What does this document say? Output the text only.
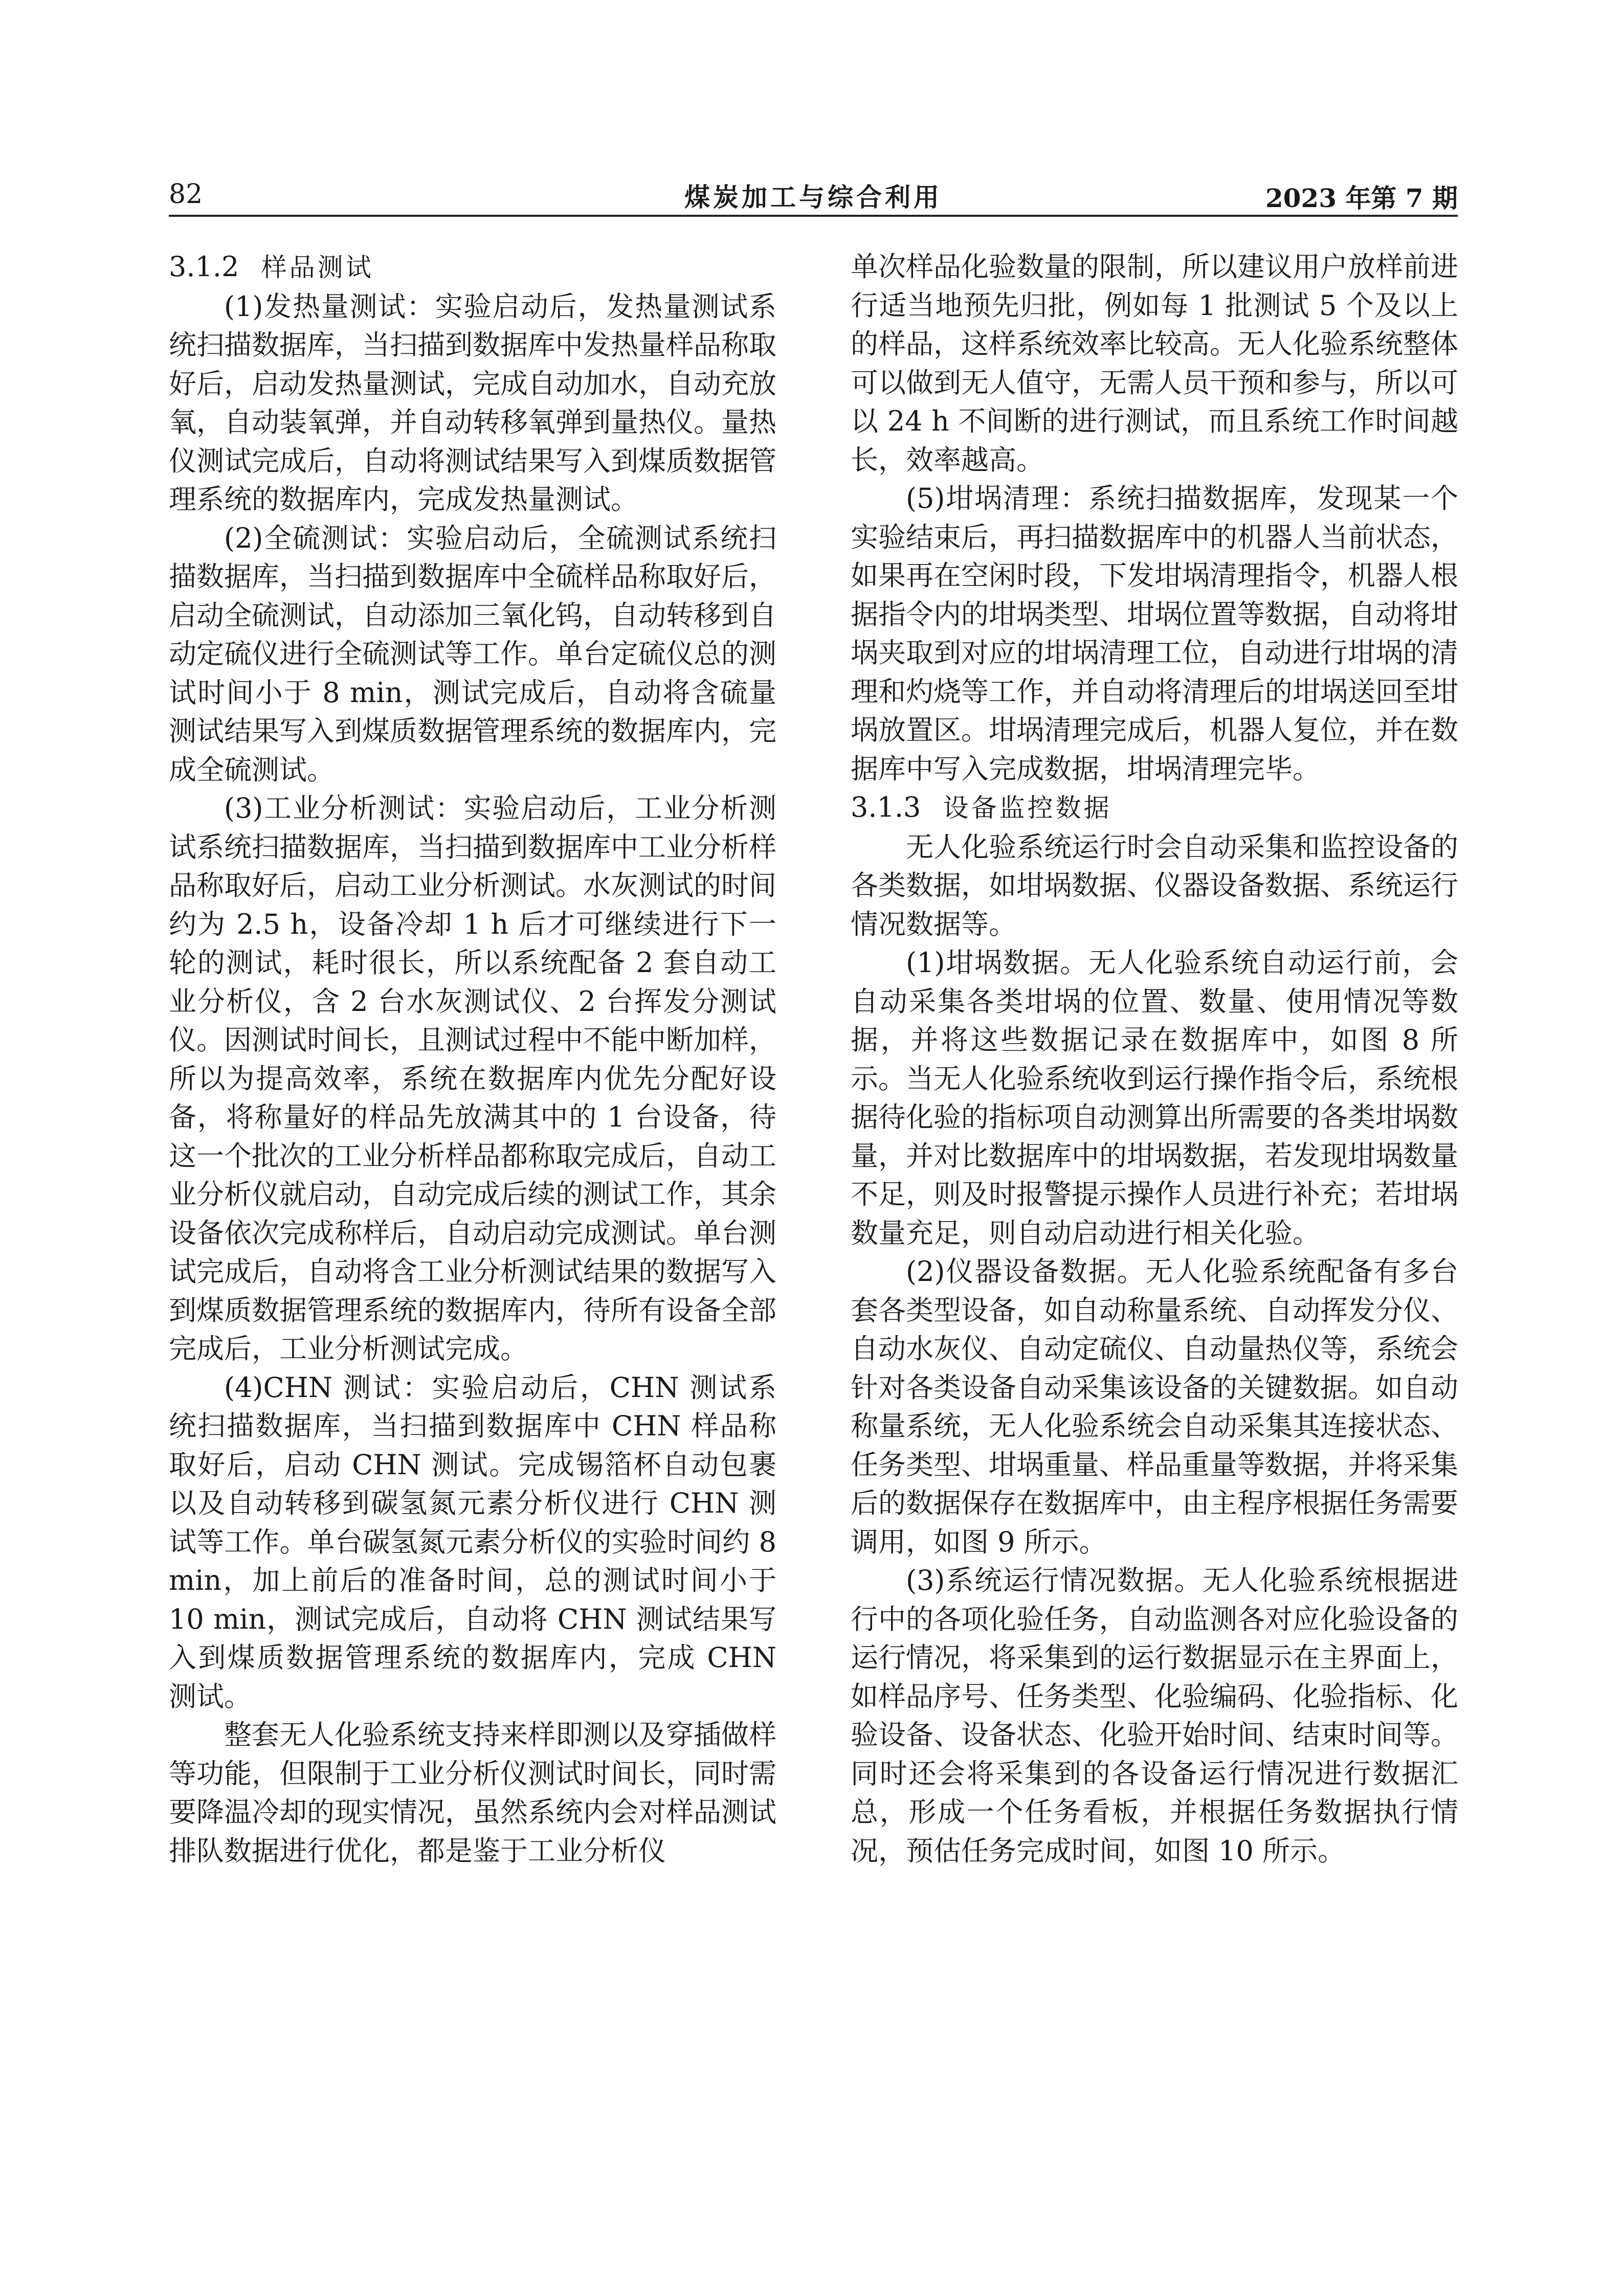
82	煤炭加工与综合利用	2023 年第 7 期

3.1.2 样品测试

(1)发热量测试：实验启动后，发热量测试系统扫描数据库，当扫描到数据库中发热量样品称取好后，启动发热量测试，完成自动加水，自动充放氧，自动装氧弹，并自动转移氧弹到量热仪。量热仪测试完成后，自动将测试结果写入到煤质数据管理系统的数据库内，完成发热量测试。

(2)全硫测试：实验启动后，全硫测试系统扫描数据库，当扫描到数据库中全硫样品称取好后，启动全硫测试，自动添加三氧化钨，自动转移到自动定硫仪进行全硫测试等工作。单台定硫仪总的测试时间小于 8 min，测试完成后，自动将含硫量测试结果写入到煤质数据管理系统的数据库内，完成全硫测试。

(3)工业分析测试：实验启动后，工业分析测试系统扫描数据库，当扫描到数据库中工业分析样品称取好后，启动工业分析测试。水灰测试的时间约为 2.5 h，设备冷却 1 h 后才可继续进行下一轮的测试，耗时很长，所以系统配备 2 套自动工业分析仪，含 2 台水灰测试仪、2 台挥发分测试仪。因测试时间长，且测试过程中不能中断加样，所以为提高效率，系统在数据库内优先分配好设备，将称量好的样品先放满其中的 1 台设备，待这一个批次的工业分析样品都称取完成后，自动工业分析仪就启动，自动完成后续的测试工作，其余设备依次完成称样后，自动启动完成测试。单台测试完成后，自动将含工业分析测试结果的数据写入到煤质数据管理系统的数据库内，待所有设备全部完成后，工业分析测试完成。

(4)CHN 测试：实验启动后，CHN 测试系统扫描数据库，当扫描到数据库中 CHN 样品称取好后，启动 CHN 测试。完成锡箔杯自动包裹以及自动转移到碳氢氮元素分析仪进行 CHN 测试等工作。单台碳氢氮元素分析仪的实验时间约 8 min，加上前后的准备时间，总的测试时间小于 10 min，测试完成后，自动将 CHN 测试结果写入到煤质数据管理系统的数据库内，完成 CHN 测试。

整套无人化验系统支持来样即测以及穿插做样等功能，但限制于工业分析仪测试时间长，同时需要降温冷却的现实情况，虽然系统内会对样品测试排队数据进行优化，都是鉴于工业分析仪

单次样品化验数量的限制，所以建议用户放样前进行适当地预先归批，例如每 1 批测试 5 个及以上的样品，这样系统效率比较高。无人化验系统整体可以做到无人值守，无需人员干预和参与，所以可以 24 h 不间断的进行测试，而且系统工作时间越长，效率越高。

(5)坩埚清理：系统扫描数据库，发现某一个实验结束后，再扫描数据库中的机器人当前状态，如果再在空闲时段，下发坩埚清理指令，机器人根据指令内的坩埚类型、坩埚位置等数据，自动将坩埚夹取到对应的坩埚清理工位，自动进行坩埚的清理和灼烧等工作，并自动将清理后的坩埚送回至坩埚放置区。坩埚清理完成后，机器人复位，并在数据库中写入完成数据，坩埚清理完毕。

3.1.3 设备监控数据

无人化验系统运行时会自动采集和监控设备的各类数据，如坩埚数据、仪器设备数据、系统运行情况数据等。

(1)坩埚数据。无人化验系统自动运行前，会自动采集各类坩埚的位置、数量、使用情况等数据，并将这些数据记录在数据库中，如图 8 所示。当无人化验系统收到运行操作指令后，系统根据待化验的指标项自动测算出所需要的各类坩埚数量，并对比数据库中的坩埚数据，若发现坩埚数量不足，则及时报警提示操作人员进行补充；若坩埚数量充足，则自动启动进行相关化验。

(2)仪器设备数据。无人化验系统配备有多台套各类型设备，如自动称量系统、自动挥发分仪、自动水灰仪、自动定硫仪、自动量热仪等，系统会针对各类设备自动采集该设备的关键数据。如自动称量系统，无人化验系统会自动采集其连接状态、任务类型、坩埚重量、样品重量等数据，并将采集后的数据保存在数据库中，由主程序根据任务需要调用，如图 9 所示。

(3)系统运行情况数据。无人化验系统根据进行中的各项化验任务，自动监测各对应化验设备的运行情况，将采集到的运行数据显示在主界面上，如样品序号、任务类型、化验编码、化验指标、化验设备、设备状态、化验开始时间、结束时间等。同时还会将采集到的各设备运行情况进行数据汇总，形成一个任务看板，并根据任务数据执行情况，预估任务完成时间，如图 10 所示。
